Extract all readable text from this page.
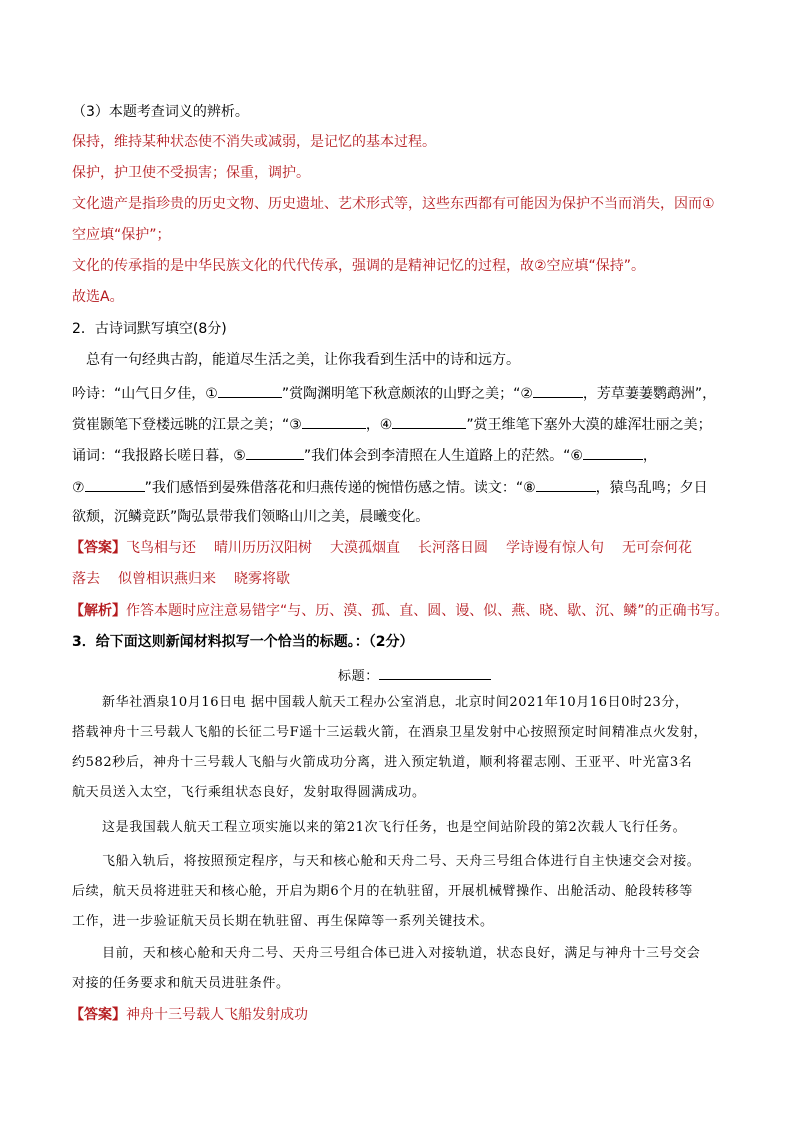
（3）本题考查词义的辨析。
保持，维持某种状态使不消失或减弱，是记忆的基本过程。
保护，护卫使不受损害；保重，调护。
文化遗产是指珍贵的历史文物、历史遗址、艺术形式等，这些东西都有可能因为保护不当而消失，因而①
空应填“保护”；
文化的传承指的是中华民族文化的代代传承，强调的是精神记忆的过程，故②空应填“保持”。
故选A。
2．古诗词默写填空(8分)
总有一句经典古韵，能道尽生活之美，让你我看到生活中的诗和远方。
吟诗：“山气日夕佳，①	”赏陶渊明笔下秋意颇浓的山野之美；“②	，芳草萋萋鹦鹉洲”，
赏崔颢笔下登楼远眺的江景之美；“③	，④	”赏王维笔下塞外大漠的雄浑壮丽之美；
诵词：“我报路长嗟日暮，⑤	”我们体会到李清照在人生道路上的茫然。“⑥	，
⑦	”我们感悟到晏殊借落花和归燕传递的惋惜伤感之情。读文：“⑧	，猿鸟乱鸣；夕日
欲颓，沉鳞竞跃”陶弘景带我们领略山川之美，晨曦变化。
【答案】飞鸟相与还 晴川历历汉阳树 大漠孤烟直 长河落日圆 学诗谩有惊人句 无可奈何花
落去 似曾相识燕归来 晓雾将歇
【解析】作答本题时应注意易错字“与、历、漠、孤、直、圆、谩、似、燕、晓、歇、沉、鳞”的正确书写。
3．给下面这则新闻材料拟写一个恰当的标题。：（2分）
标题：
新华社酒泉10月16日电 据中国载人航天工程办公室消息，北京时间2021年10月16日0时23分，
搭载神舟十三号载人飞船的长征二号F遥十三运载火箭，在酒泉卫星发射中心按照预定时间精准点火发射，
约582秒后，神舟十三号载人飞船与火箭成功分离，进入预定轨道，顺利将翟志刚、王亚平、叶光富3名
航天员送入太空，飞行乘组状态良好，发射取得圆满成功。
这是我国载人航天工程立项实施以来的第21次飞行任务，也是空间站阶段的第2次载人飞行任务。
飞船入轨后，将按照预定程序，与天和核心舱和天舟二号、天舟三号组合体进行自主快速交会对接。
后续，航天员将进驻天和核心舱，开启为期6个月的在轨驻留，开展机械臂操作、出舱活动、舱段转移等
工作，进一步验证航天员长期在轨驻留、再生保障等一系列关键技术。
目前，天和核心舱和天舟二号、天舟三号组合体已进入对接轨道，状态良好，满足与神舟十三号交会
对接的任务要求和航天员进驻条件。
【答案】神舟十三号载人飞船发射成功
